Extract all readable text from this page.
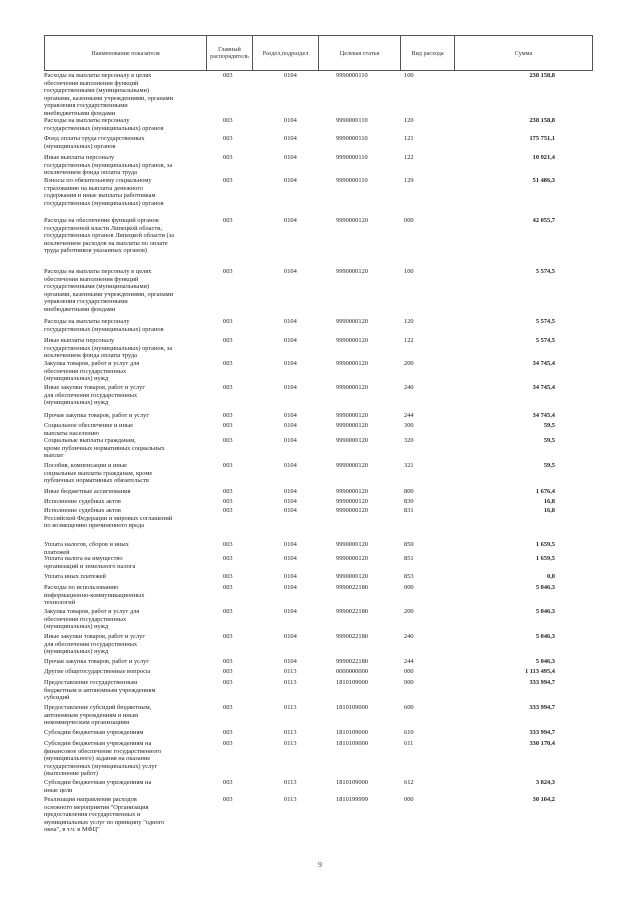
Наименование показателя	Главный
распорядитель	Раздел,подраздел	Целевая статья	Вид расхода	Сумма
Расходы на выплаты персоналу в целях
обеспечения выполнения функций
государственными (муниципальными)
органами, казенными учреждениями, органами
управления государственными
внебюджетными фондами
003	0104	9990000110	100	238 158,8
Расходы на выплаты персоналу
государственных (муниципальных) органов
003	0104	9990000110	120	238 158,8
Фонд оплаты труда государственных
(муниципальных) органов
003	0104	9990000110	121	175 751,1
Иные выплаты персоналу
государственных (муниципальных) органов, за
исключением фонда оплаты труда
003	0104	9990000110	122	10 921,4
Взносы по обязательному социальному
страхованию на выплаты денежного
содержания и иные выплаты работникам
государственных (муниципальных) органов
003	0104	9990000110	129	51 486,3
Расходы на обеспечение функций органов
государственной власти Липецкой области,
государственных органов Липецкой области (за
исключением расходов на выплаты по оплате
труда работников указанных органов)
003	0104	9990000120	000	42 055,7
Расходы на выплаты персоналу в целях
обеспечения выполнения функций
государственными (муниципальными)
органами, казенными учреждениями, органами
управления государственными
внебюджетными фондами
003	0104	9990000120	100	5 574,5
Расходы на выплаты персоналу
государственных (муниципальных) органов
003	0104	9990000120	120	5 574,5
Иные выплаты персоналу
государственных (муниципальных) органов, за
исключением фонда оплаты труда
003	0104	9990000120	122	5 574,5
Закупка товаров, работ и услуг для
обеспечения государственных
(муниципальных) нужд
003	0104	9990000120	200	34 745,4
Иные закупки товаров, работ и услуг
для обеспечения государственных
(муниципальных) нужд
003	0104	9990000120	240	34 745,4
Прочая закупка товаров, работ и услуг	003	0104	9990000120	244	34 745,4
Социальное обеспечение и иные
выплаты населению
003	0104	9990000120	300	59,5
Социальные выплаты гражданам,
кроме публичных нормативных социальных
выплат
003	0104	9990000120	320	59,5
Пособия, компенсации и иные
социальные выплаты гражданам, кроме
публичных нормативных обязательств
003	0104	9990000120	321	59,5
Иные бюджетные ассигнования	003	0104	9990000120	800	1 676,4
Исполнение судебных актов	003	0104	9990000120	830	16,8
Исполнение судебных актов
Российской Федерации и мировых соглашений
по возмещению причиненного вреда
003	0104	9990000120	831	16,8
Уплата налогов, сборов и иных
платежей
003	0104	9990000120	850	1 659,5
Уплата налога на имущество
организаций и земельного налога
003	0104	9990000120	851	1 659,5
Уплата иных платежей	003	0104	9990000120	853	0,0
Расходы по использованию
информационно-коммуникационных
технологий
003	0104	9990022180	000	5 046,3
Закупка товаров, работ и услуг для
обеспечения государственных
(муниципальных) нужд
003	0104	9990022180	200	5 046,3
Иные закупки товаров, работ и услуг
для обеспечения государственных
(муниципальных) нужд
003	0104	9990022180	240	5 046,3
Прочая закупка товаров, работ и услуг	003	0104	9990022180	244	5 046,3
Другие общегосударственные вопросы	003	0113	0000000000	000	1 113 495,4
Предоставление государственным
бюджетным и автономным учреждениям
субсидий
003	0113	1810109000	000	333 994,7
Предоставление субсидий бюджетным,
автономным учреждениям и иным
некоммерческим организациям
003	0113	1810109000	600	333 994,7
Субсидии бюджетным учреждениям	003	0113	1810109000	610	333 994,7
Субсидии бюджетным учреждениям на
финансовое обеспечение государственного
(муниципального) задания на оказание
государственных (муниципальных) услуг
(выполнение работ)
003	0113	1810109000	611	330 170,4
Субсидии бюджетным учреждениям на
иные цели
003	0113	1810109000	612	3 824,3
Реализация направления расходов
основного мероприятия "Организация
предоставления государственных и
муниципальных услуг по принципу "одного
окна", в т.ч. в МФЦ"
003	0113	1810199999	000	30 104,2
9
